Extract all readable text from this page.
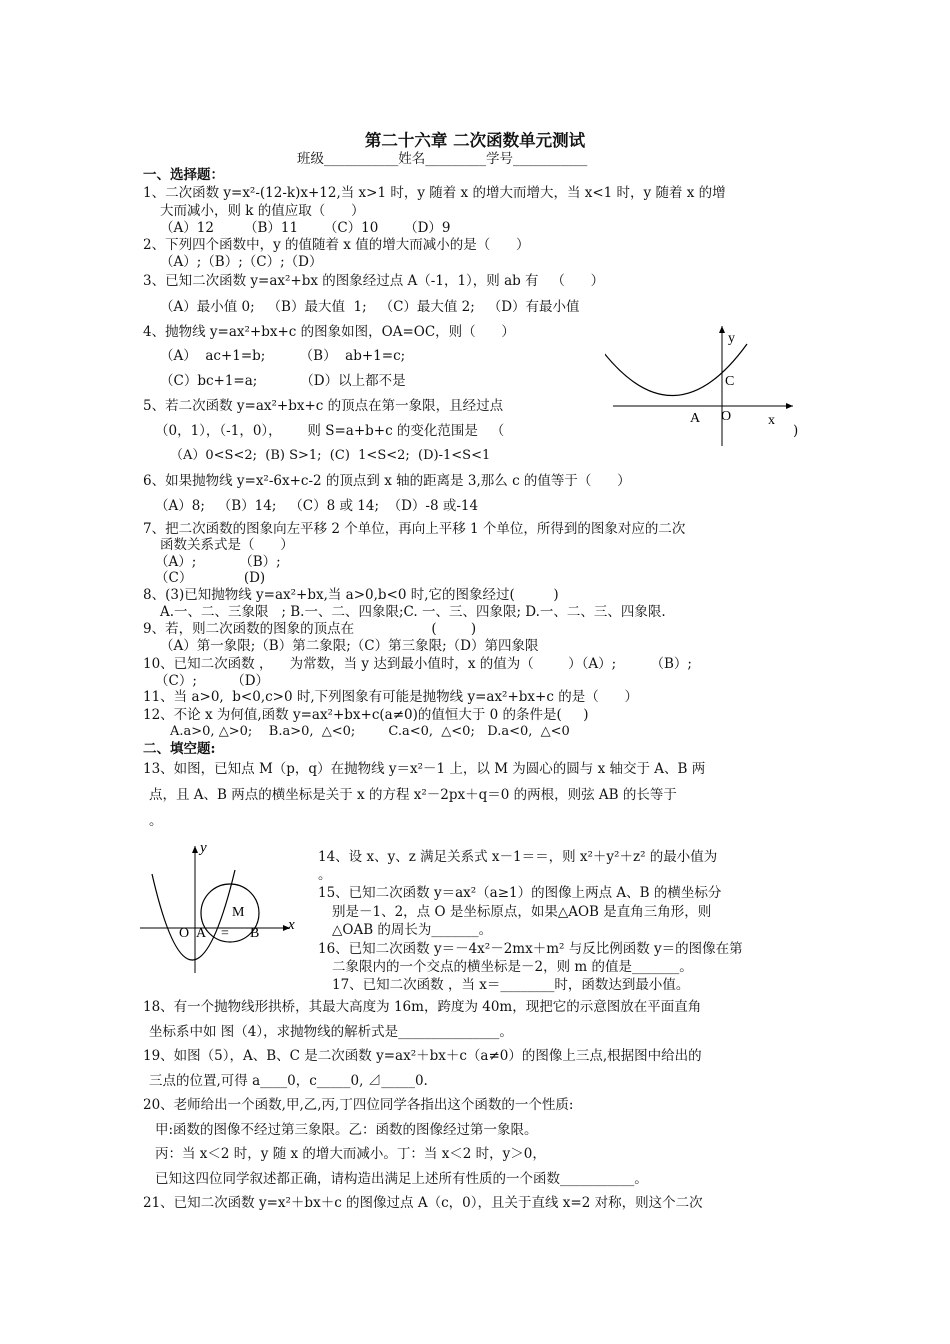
第二十六章 二次函数单元测试
班级___________姓名_________学号___________
一、选择题：
1、二次函数 y=x²-(12-k)x+12,当 x>1 时，y 随着 x 的增大而增大，当 x<1 时，y 随着 x 的增
大而减小，则 k 的值应取（      ）
（A）12       （B）11      （C）10      （D）9
2、下列四个函数中，y 的值随着 x 值的增大而减小的是（      ）
（A）;（B）;（C）;（D）
3、已知二次函数 y=ax²+bx 的图象经过点 A（-1，1），则 ab 有   （      ）
（A）最小值 0;   （B）最大值  1;   （C）最大值 2;   （D）有最小值
4、抛物线 y=ax²+bx+c 的图象如图，OA=OC，则（      ）
（A）  ac+1=b;        （B）  ab+1=c;
（C）bc+1=a;          （D）以上都不是
5、若二次函数 y=ax²+bx+c 的顶点在第一象限，且经过点
（0，1），（-1，0），      则 S=a+b+c 的变化范围是   （	)
（A）0<S<2;  (B) S>1;  (C)  1<S<2;  (D)-1<S<1
y
C
A O	x
6、如果抛物线 y=x²-6x+c-2 的顶点到 x 轴的距离是 3,那么 c 的值等于（      ）
（A）8;   （B）14;   （C）8 或 14;  （D）-8 或-14
7、把二次函数的图象向左平移 2 个单位，再向上平移 1 个单位，所得到的图象对应的二次
函数关系式是（      ）
（A）;          （B）;
（C）            (D)
8、(3)已知抛物线 y=ax²+bx,当 a>0,b<0 时,它的图象经过(         )
A.一、二、三象限   ; B.一、二、四象限;C. 一、三、四象限; D.一、二、三、四象限.
9、若，则二次函数的图象的顶点在                  (        )
（A）第一象限;（B）第二象限;（C）第三象限;（D）第四象限
10、已知二次函数 ，    为常数，当 y 达到最小值时，x 的值为（        ）（A）;        （B）;
（C）;        （D）
11、当 a>0,  b<0,c>0 时,下列图象有可能是抛物线 y=ax²+bx+c 的是（      ）
12、不论 x 为何值,函数 y=ax²+bx+c(a≠0)的值恒大于 0 的条件是(     )
A.a>0, △>0;    B.a>0,  △<0;        C.a<0,  △<0;   D.a<0,  △<0
二、填空题:
13、如图，已知点 M（p，q）在抛物线 y＝x²－1 上，以 M 为圆心的圆与 x 轴交于 A、B 两
点，且 A、B 两点的横坐标是关于 x 的方程 x²－2px＋q＝0 的两根，则弦 AB 的长等于
。
y
M
O A = B
x
14、设 x、y、z 满足关系式 x－1＝＝，则 x²＋y²＋z² 的最小值为
。
15、已知二次函数 y＝ax²（a≥1）的图像上两点 A、B 的横坐标分
别是－1、2，点 O 是坐标原点，如果△AOB 是直角三角形，则
△OAB 的周长为_______。
16、已知二次函数 y＝－4x²－2mx＋m² 与反比例函数 y＝的图像在第
二象限内的一个交点的横坐标是－2，则 m 的值是_______。
17、已知二次函数 ，当 x＝________时，函数达到最小值。
18、有一个抛物线形拱桥，其最大高度为 16m，跨度为 40m，现把它的示意图放在平面直角
坐标系中如 图（4），求抛物线的解析式是_______________。
19、如图（5），A、B、C 是二次函数 y=ax²＋bx＋c（a≠0）的图像上三点,根据图中给出的
三点的位置,可得 a____0，c_____0, ⊿_____0.
20、老师给出一个函数,甲,乙,丙,丁四位同学各指出这个函数的一个性质:
甲:函数的图像不经过第三象限。乙：函数的图像经过第一象限。
丙：当 x＜2 时，y 随 x 的增大而减小。丁：当 x＜2 时，y＞0，
已知这四位同学叙述都正确，请构造出满足上述所有性质的一个函数___________。
21、已知二次函数 y=x²＋bx＋c 的图像过点 A（c，0），且关于直线 x=2 对称，则这个二次
